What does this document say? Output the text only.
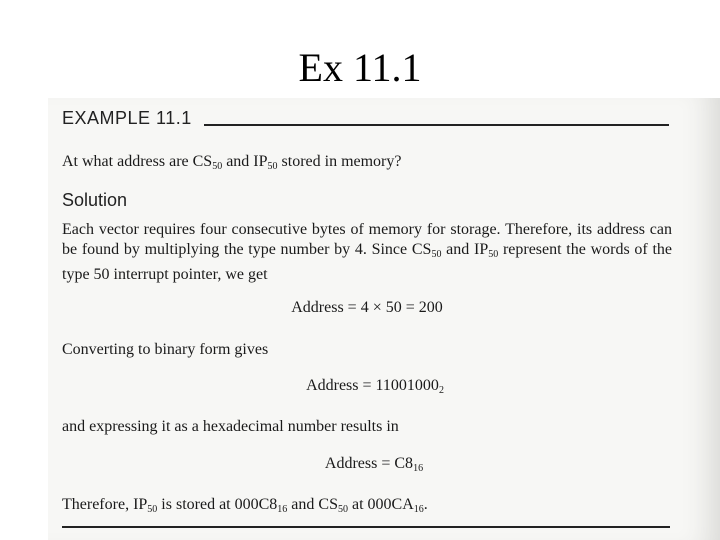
Ex 11.1
EXAMPLE 11.1
At what address are $CS_{50}$ and $IP_{50}$ stored in memory?
Solution
Each vector requires four consecutive bytes of memory for storage. Therefore, its address can be found by multiplying the type number by 4. Since $CS_{50}$ and $IP_{50}$ represent the words of the type 50 interrupt pointer, we get
Address = 4 × 50 = 200
Converting to binary form gives
Address = $11001000_2$
and expressing it as a hexadecimal number results in
Address = $C8_{16}$
Therefore, $IP_{50}$ is stored at $000C8_{16}$ and $CS_{50}$ at $000CA_{16}$.
